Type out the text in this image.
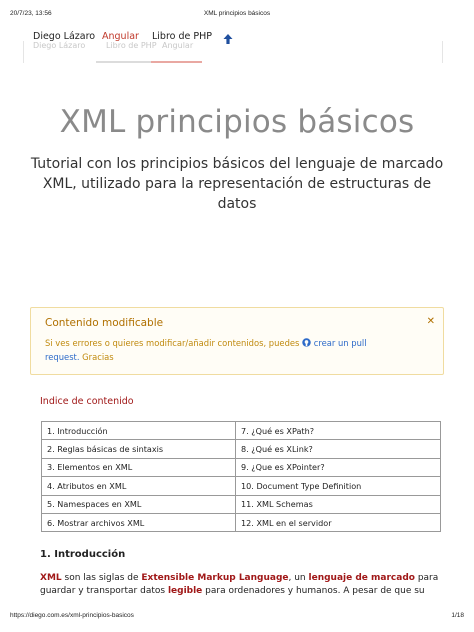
20/7/23, 13:56	XML principios básicos
Diego Lázaro	Libro de PHP Angular
Diego Lázaro Angular Libro de PHP
XML principios básicos

Tutorial con los principios básicos del lenguaje de marcado XML, utilizado para la representación de estructuras de datos

Contenido modificable	✕
Si ves errores o quieres modificar/añadir contenidos, puedes crear un pull request. Gracias
Indice de contenido
1. Introducción	7. ¿Qué es XPath?
2. Reglas básicas de sintaxis	8. ¿Qué es XLink?
3. Elementos en XML	9. ¿Que es XPointer?
4. Atributos en XML	10. Document Type Definition
5. Namespaces en XML	11. XML Schemas
6. Mostrar archivos XML	12. XML en el servidor
1. Introducción

XML son las siglas de Extensible Markup Language, un lenguaje de marcado para guardar y transportar datos legible para ordenadores y humanos. A pesar de que su

https://diego.com.es/xml-principios-basicos	1/18
